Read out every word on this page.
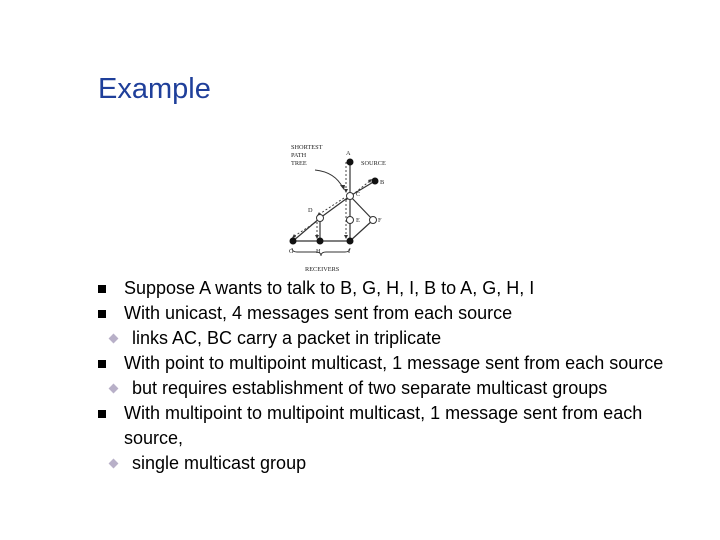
Example
SHORTEST
PATH
TREE	SOURCE
RECEIVERS
A
B
C
D
E	F
G	H	I
Suppose A wants to talk to B, G, H, I, B to A, G, H, I
With unicast, 4 messages sent from each source
links AC, BC carry a packet in triplicate
With point to multipoint multicast, 1 message sent from each source
but requires establishment of two separate multicast groups
With multipoint to multipoint multicast, 1 message sent from each source,
single multicast group
